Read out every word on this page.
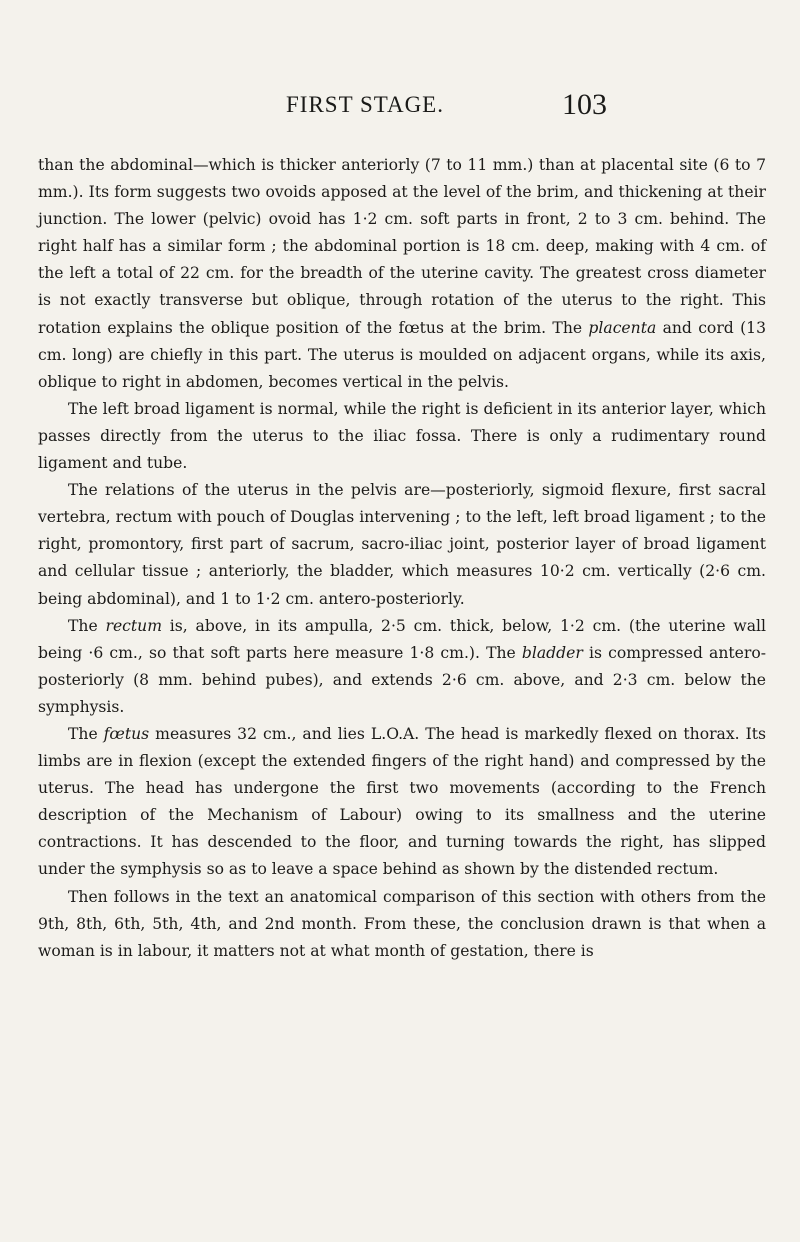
FIRST STAGE.	103

than the abdominal—which is thicker anteriorly (7 to 11 mm.) than at placental site (6 to 7 mm.). Its form suggests two ovoids apposed at the level of the brim, and thickening at their junction. The lower (pelvic) ovoid has 1·2 cm. soft parts in front, 2 to 3 cm. behind. The right half has a similar form ; the abdominal portion is 18 cm. deep, making with 4 cm. of the left a total of 22 cm. for the breadth of the uterine cavity. The greatest cross diameter is not exactly transverse but oblique, through rotation of the uterus to the right. This rotation explains the oblique position of the fœtus at the brim. The placenta and cord (13 cm. long) are chiefly in this part. The uterus is moulded on adjacent organs, while its axis, oblique to right in abdomen, becomes vertical in the pelvis.

The left broad ligament is normal, while the right is deficient in its anterior layer, which passes directly from the uterus to the iliac fossa. There is only a rudimentary round ligament and tube.

The relations of the uterus in the pelvis are—posteriorly, sigmoid flexure, first sacral vertebra, rectum with pouch of Douglas intervening ; to the left, left broad ligament ; to the right, promontory, first part of sacrum, sacro-iliac joint, posterior layer of broad ligament and cellular tissue ; anteriorly, the bladder, which measures 10·2 cm. vertically (2·6 cm. being abdominal), and 1 to 1·2 cm. antero-posteriorly.

The rectum is, above, in its ampulla, 2·5 cm. thick, below, 1·2 cm. (the uterine wall being ·6 cm., so that soft parts here measure 1·8 cm.). The bladder is compressed antero-posteriorly (8 mm. behind pubes), and extends 2·6 cm. above, and 2·3 cm. below the symphysis.

The fœtus measures 32 cm., and lies L.O.A. The head is markedly flexed on thorax. Its limbs are in flexion (except the extended fingers of the right hand) and compressed by the uterus. The head has undergone the first two movements (according to the French description of the Mechanism of Labour) owing to its smallness and the uterine contractions. It has descended to the floor, and turning towards the right, has slipped under the symphysis so as to leave a space behind as shown by the distended rectum.

Then follows in the text an anatomical comparison of this section with others from the 9th, 8th, 6th, 5th, 4th, and 2nd month. From these, the conclusion drawn is that when a woman is in labour, it matters not at what month of gestation, there is
